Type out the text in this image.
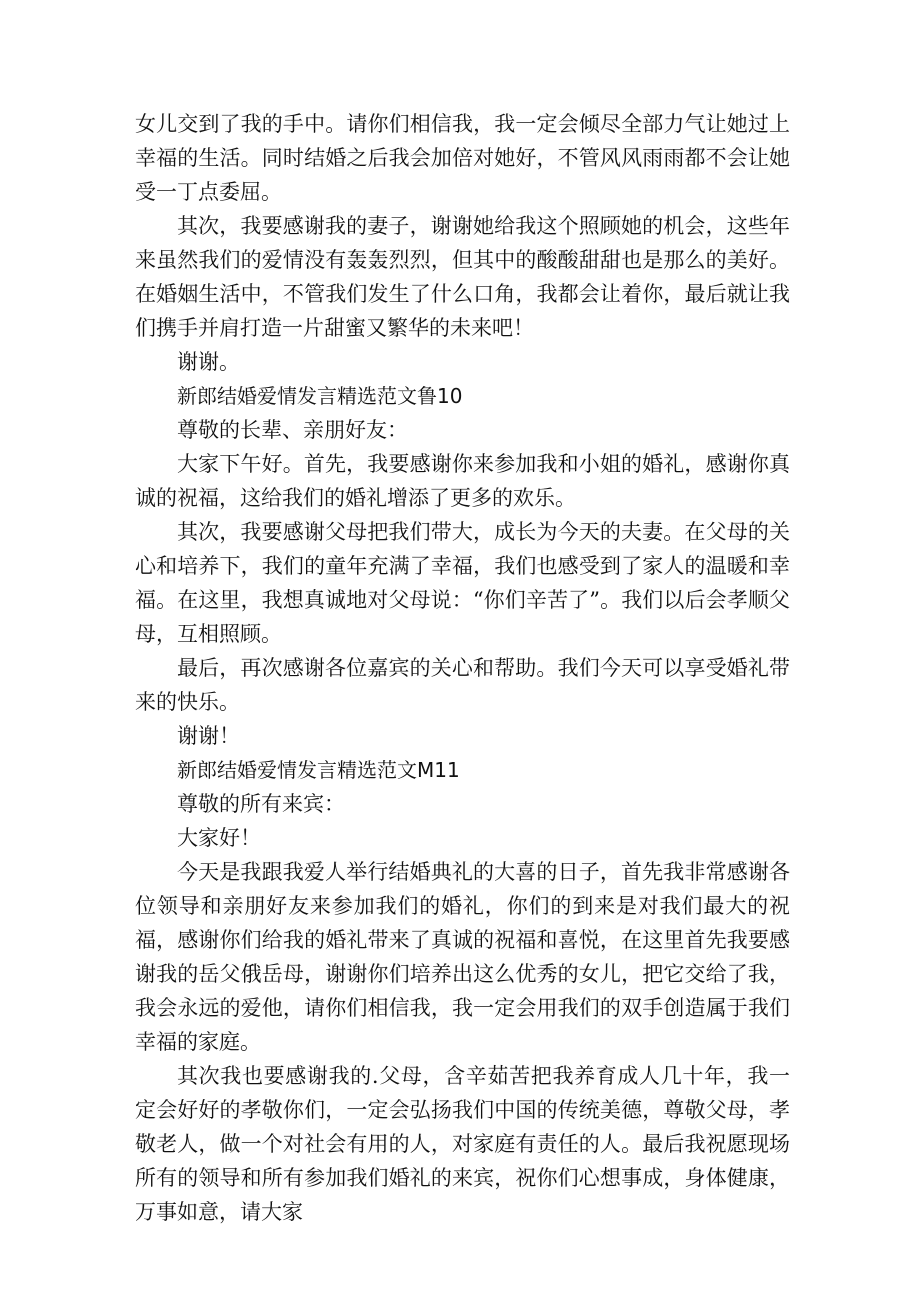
女儿交到了我的手中。请你们相信我，我一定会倾尽全部力气让她过上幸福的生活。同时结婚之后我会加倍对她好，不管风风雨雨都不会让她受一丁点委屈。

其次，我要感谢我的妻子，谢谢她给我这个照顾她的机会，这些年来虽然我们的爱情没有轰轰烈烈，但其中的酸酸甜甜也是那么的美好。在婚姻生活中，不管我们发生了什么口角，我都会让着你，最后就让我们携手并肩打造一片甜蜜又繁华的未来吧！

谢谢。

新郎结婚爱情发言精选范文鲁10

尊敬的长辈、亲朋好友：

大家下午好。首先，我要感谢你来参加我和小姐的婚礼，感谢你真诚的祝福，这给我们的婚礼增添了更多的欢乐。

其次，我要感谢父母把我们带大，成长为今天的夫妻。在父母的关心和培养下，我们的童年充满了幸福，我们也感受到了家人的温暖和幸福。在这里，我想真诚地对父母说：“你们辛苦了”。我们以后会孝顺父母，互相照顾。

最后，再次感谢各位嘉宾的关心和帮助。我们今天可以享受婚礼带来的快乐。

谢谢！

新郎结婚爱情发言精选范文M11

尊敬的所有来宾：

大家好！

今天是我跟我爱人举行结婚典礼的大喜的日子，首先我非常感谢各位领导和亲朋好友来参加我们的婚礼，你们的到来是对我们最大的祝福，感谢你们给我的婚礼带来了真诚的祝福和喜悦，在这里首先我要感谢我的岳父俄岳母，谢谢你们培养出这么优秀的女儿，把它交给了我，我会永远的爱他，请你们相信我，我一定会用我们的双手创造属于我们幸福的家庭。

其次我也要感谢我的.父母，含辛茹苦把我养育成人几十年，我一定会好好的孝敬你们，一定会弘扬我们中国的传统美德，尊敬父母，孝敬老人，做一个对社会有用的人，对家庭有责任的人。最后我祝愿现场所有的领导和所有参加我们婚礼的来宾，祝你们心想事成，身体健康，万事如意，请大家
